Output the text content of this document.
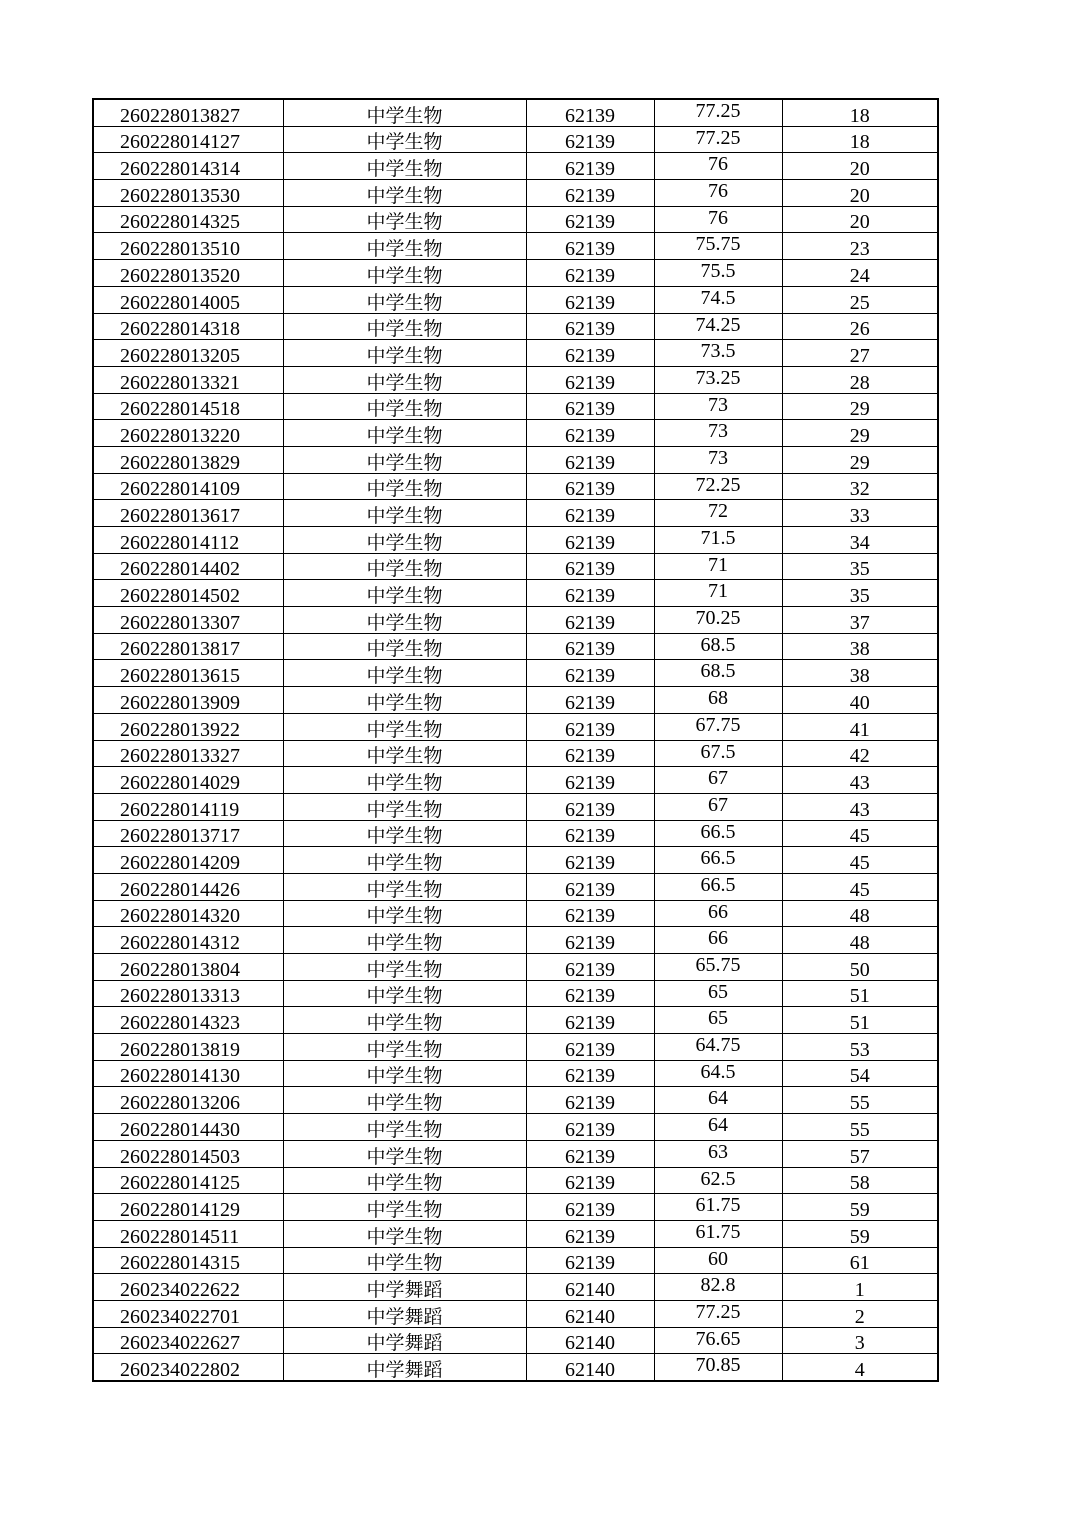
260228013827	中学生物	62139	77.25	18
260228014127	中学生物	62139	77.25	18
260228014314	中学生物	62139	76	20
260228013530	中学生物	62139	76	20
260228014325	中学生物	62139	76	20
260228013510	中学生物	62139	75.75	23
260228013520	中学生物	62139	75.5	24
260228014005	中学生物	62139	74.5	25
260228014318	中学生物	62139	74.25	26
260228013205	中学生物	62139	73.5	27
260228013321	中学生物	62139	73.25	28
260228014518	中学生物	62139	73	29
260228013220	中学生物	62139	73	29
260228013829	中学生物	62139	73	29
260228014109	中学生物	62139	72.25	32
260228013617	中学生物	62139	72	33
260228014112	中学生物	62139	71.5	34
260228014402	中学生物	62139	71	35
260228014502	中学生物	62139	71	35
260228013307	中学生物	62139	70.25	37
260228013817	中学生物	62139	68.5	38
260228013615	中学生物	62139	68.5	38
260228013909	中学生物	62139	68	40
260228013922	中学生物	62139	67.75	41
260228013327	中学生物	62139	67.5	42
260228014029	中学生物	62139	67	43
260228014119	中学生物	62139	67	43
260228013717	中学生物	62139	66.5	45
260228014209	中学生物	62139	66.5	45
260228014426	中学生物	62139	66.5	45
260228014320	中学生物	62139	66	48
260228014312	中学生物	62139	66	48
260228013804	中学生物	62139	65.75	50
260228013313	中学生物	62139	65	51
260228014323	中学生物	62139	65	51
260228013819	中学生物	62139	64.75	53
260228014130	中学生物	62139	64.5	54
260228013206	中学生物	62139	64	55
260228014430	中学生物	62139	64	55
260228014503	中学生物	62139	63	57
260228014125	中学生物	62139	62.5	58
260228014129	中学生物	62139	61.75	59
260228014511	中学生物	62139	61.75	59
260228014315	中学生物	62139	60	61
260234022622	中学舞蹈	62140	82.8	1
260234022701	中学舞蹈	62140	77.25	2
260234022627	中学舞蹈	62140	76.65	3
260234022802	中学舞蹈	62140	70.85	4
